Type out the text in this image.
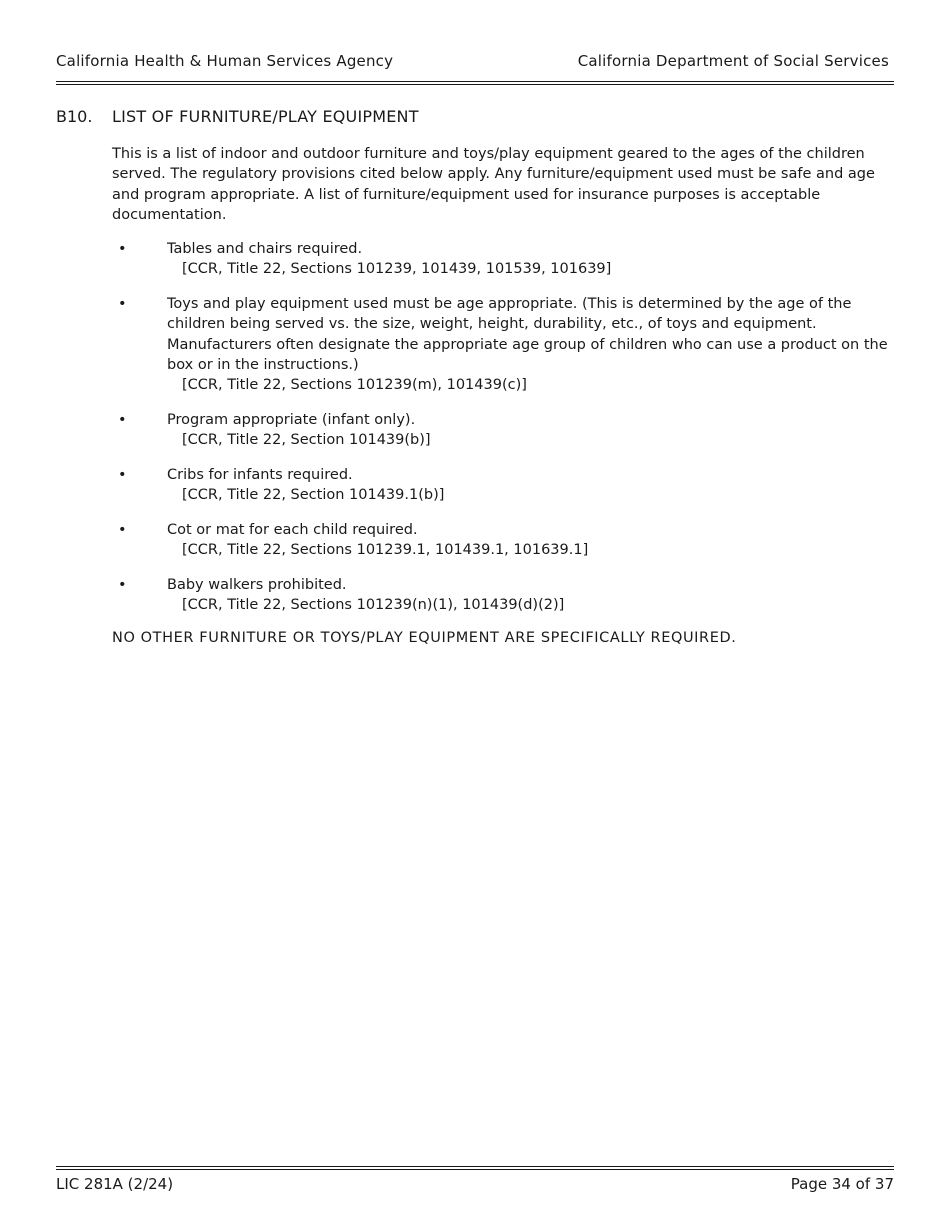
California Health & Human Services Agency	California Department of Social Services
B10. LIST OF FURNITURE/PLAY EQUIPMENT
This is a list of indoor and outdoor furniture and toys/play equipment geared to the ages of the children served. The regulatory provisions cited below apply. Any furniture/equipment used must be safe and age and program appropriate. A list of furniture/equipment used for insurance purposes is acceptable documentation.
•	Tables and chairs required.
[CCR, Title 22, Sections 101239, 101439, 101539, 101639]
•	Toys and play equipment used must be age appropriate. (This is determined by the age of the children being served vs. the size, weight, height, durability, etc., of toys and equipment. Manufacturers often designate the appropriate age group of children who can use a product on the box or in the instructions.)
[CCR, Title 22, Sections 101239(m), 101439(c)]
•	Program appropriate (infant only).
[CCR, Title 22, Section 101439(b)]
•	Cribs for infants required.
[CCR, Title 22, Section 101439.1(b)]
•	Cot or mat for each child required.
[CCR, Title 22, Sections 101239.1, 101439.1, 101639.1]
•	Baby walkers prohibited.
[CCR, Title 22, Sections 101239(n)(1), 101439(d)(2)]
NO OTHER FURNITURE OR TOYS/PLAY EQUIPMENT ARE SPECIFICALLY REQUIRED.
LIC 281A (2/24)	Page 34 of 37
